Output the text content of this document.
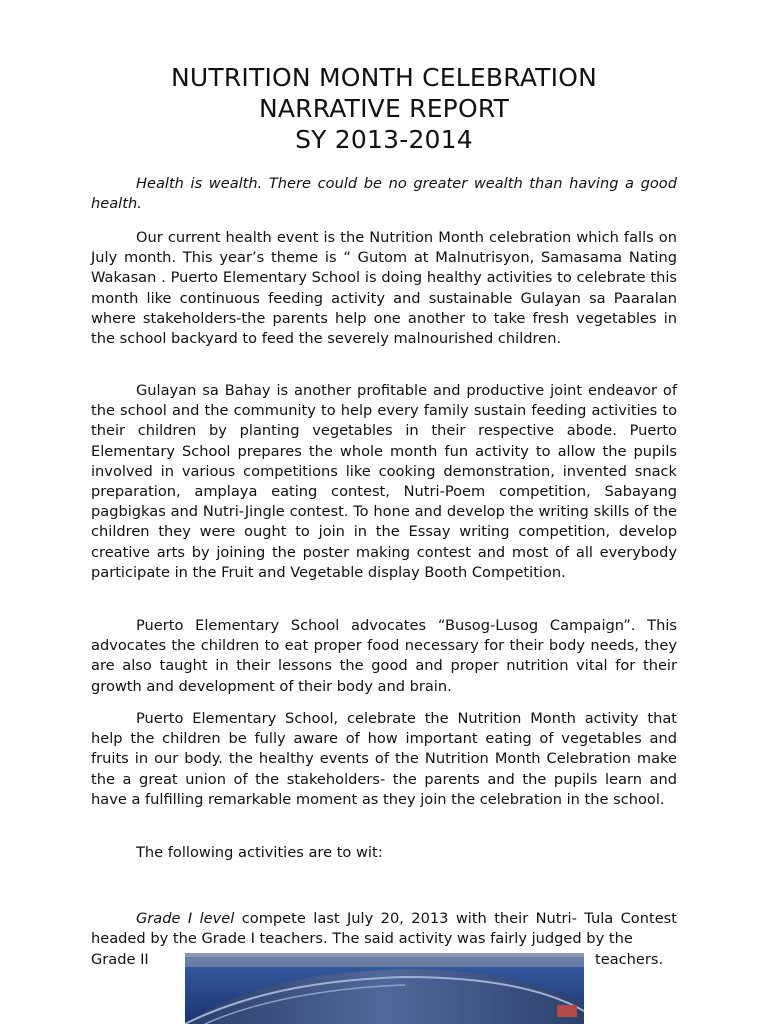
NUTRITION MONTH CELEBRATION
NARRATIVE REPORT
SY 2013-2014

Health is wealth. There could be no greater wealth than having a good health.

Our current health event is the Nutrition Month celebration which falls on July month. This year’s theme is “ Gutom at Malnutrisyon, Samasama Nating Wakasan . Puerto Elementary School is doing healthy activities to celebrate this month like continuous feeding activity and sustainable Gulayan sa Paaralan where stakeholders-the parents help one another to take fresh vegetables in the school backyard to feed the severely malnourished children.

Gulayan sa Bahay is another profitable and productive joint endeavor of the school and the community to help every family sustain feeding activities to their children by planting vegetables in their respective abode. Puerto Elementary School prepares the whole month fun activity to allow the pupils involved in various competitions like cooking demonstration, invented snack preparation, amplaya eating contest, Nutri-Poem competition, Sabayang pagbigkas and Nutri-Jingle contest. To hone and develop the writing skills of the children they were ought to join in the Essay writing competition, develop creative arts by joining the poster making contest and most of all everybody participate in the Fruit and Vegetable display Booth Competition.

Puerto Elementary School advocates “Busog-Lusog Campaign”. This advocates the children to eat proper food necessary for their body needs, they are also taught in their lessons the good and proper nutrition vital for their growth and development of their body and brain.

Puerto Elementary School, celebrate the Nutrition Month activity that help the children be fully aware of how important eating of vegetables and fruits in our body. the healthy events of the Nutrition Month Celebration make the a great union of the stakeholders- the parents and the pupils learn and have a fulfilling remarkable moment as they join the celebration in the school.

The following activities are to wit:

Grade I level compete last July 20, 2013 with their Nutri- Tula Contest headed by the Grade I teachers. The said activity was fairly judged by the
Grade II	teachers.
